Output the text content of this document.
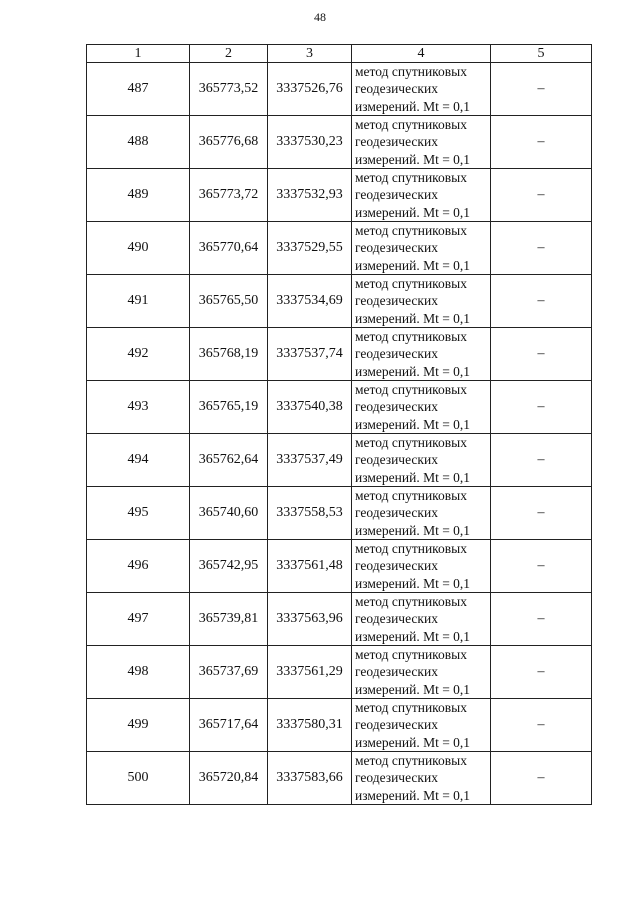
48
1	2	3	4	5
487	365773,52	3337526,76	метод спутниковых
геодезических
измерений. Mt = 0,1	–
488	365776,68	3337530,23	метод спутниковых
геодезических
измерений. Mt = 0,1	–
489	365773,72	3337532,93	метод спутниковых
геодезических
измерений. Mt = 0,1	–
490	365770,64	3337529,55	метод спутниковых
геодезических
измерений. Mt = 0,1	–
491	365765,50	3337534,69	метод спутниковых
геодезических
измерений. Mt = 0,1	–
492	365768,19	3337537,74	метод спутниковых
геодезических
измерений. Mt = 0,1	–
493	365765,19	3337540,38	метод спутниковых
геодезических
измерений. Mt = 0,1	–
494	365762,64	3337537,49	метод спутниковых
геодезических
измерений. Mt = 0,1	–
495	365740,60	3337558,53	метод спутниковых
геодезических
измерений. Mt = 0,1	–
496	365742,95	3337561,48	метод спутниковых
геодезических
измерений. Mt = 0,1	–
497	365739,81	3337563,96	метод спутниковых
геодезических
измерений. Mt = 0,1	–
498	365737,69	3337561,29	метод спутниковых
геодезических
измерений. Mt = 0,1	–
499	365717,64	3337580,31	метод спутниковых
геодезических
измерений. Mt = 0,1	–
500	365720,84	3337583,66	метод спутниковых
геодезических
измерений. Mt = 0,1	–
